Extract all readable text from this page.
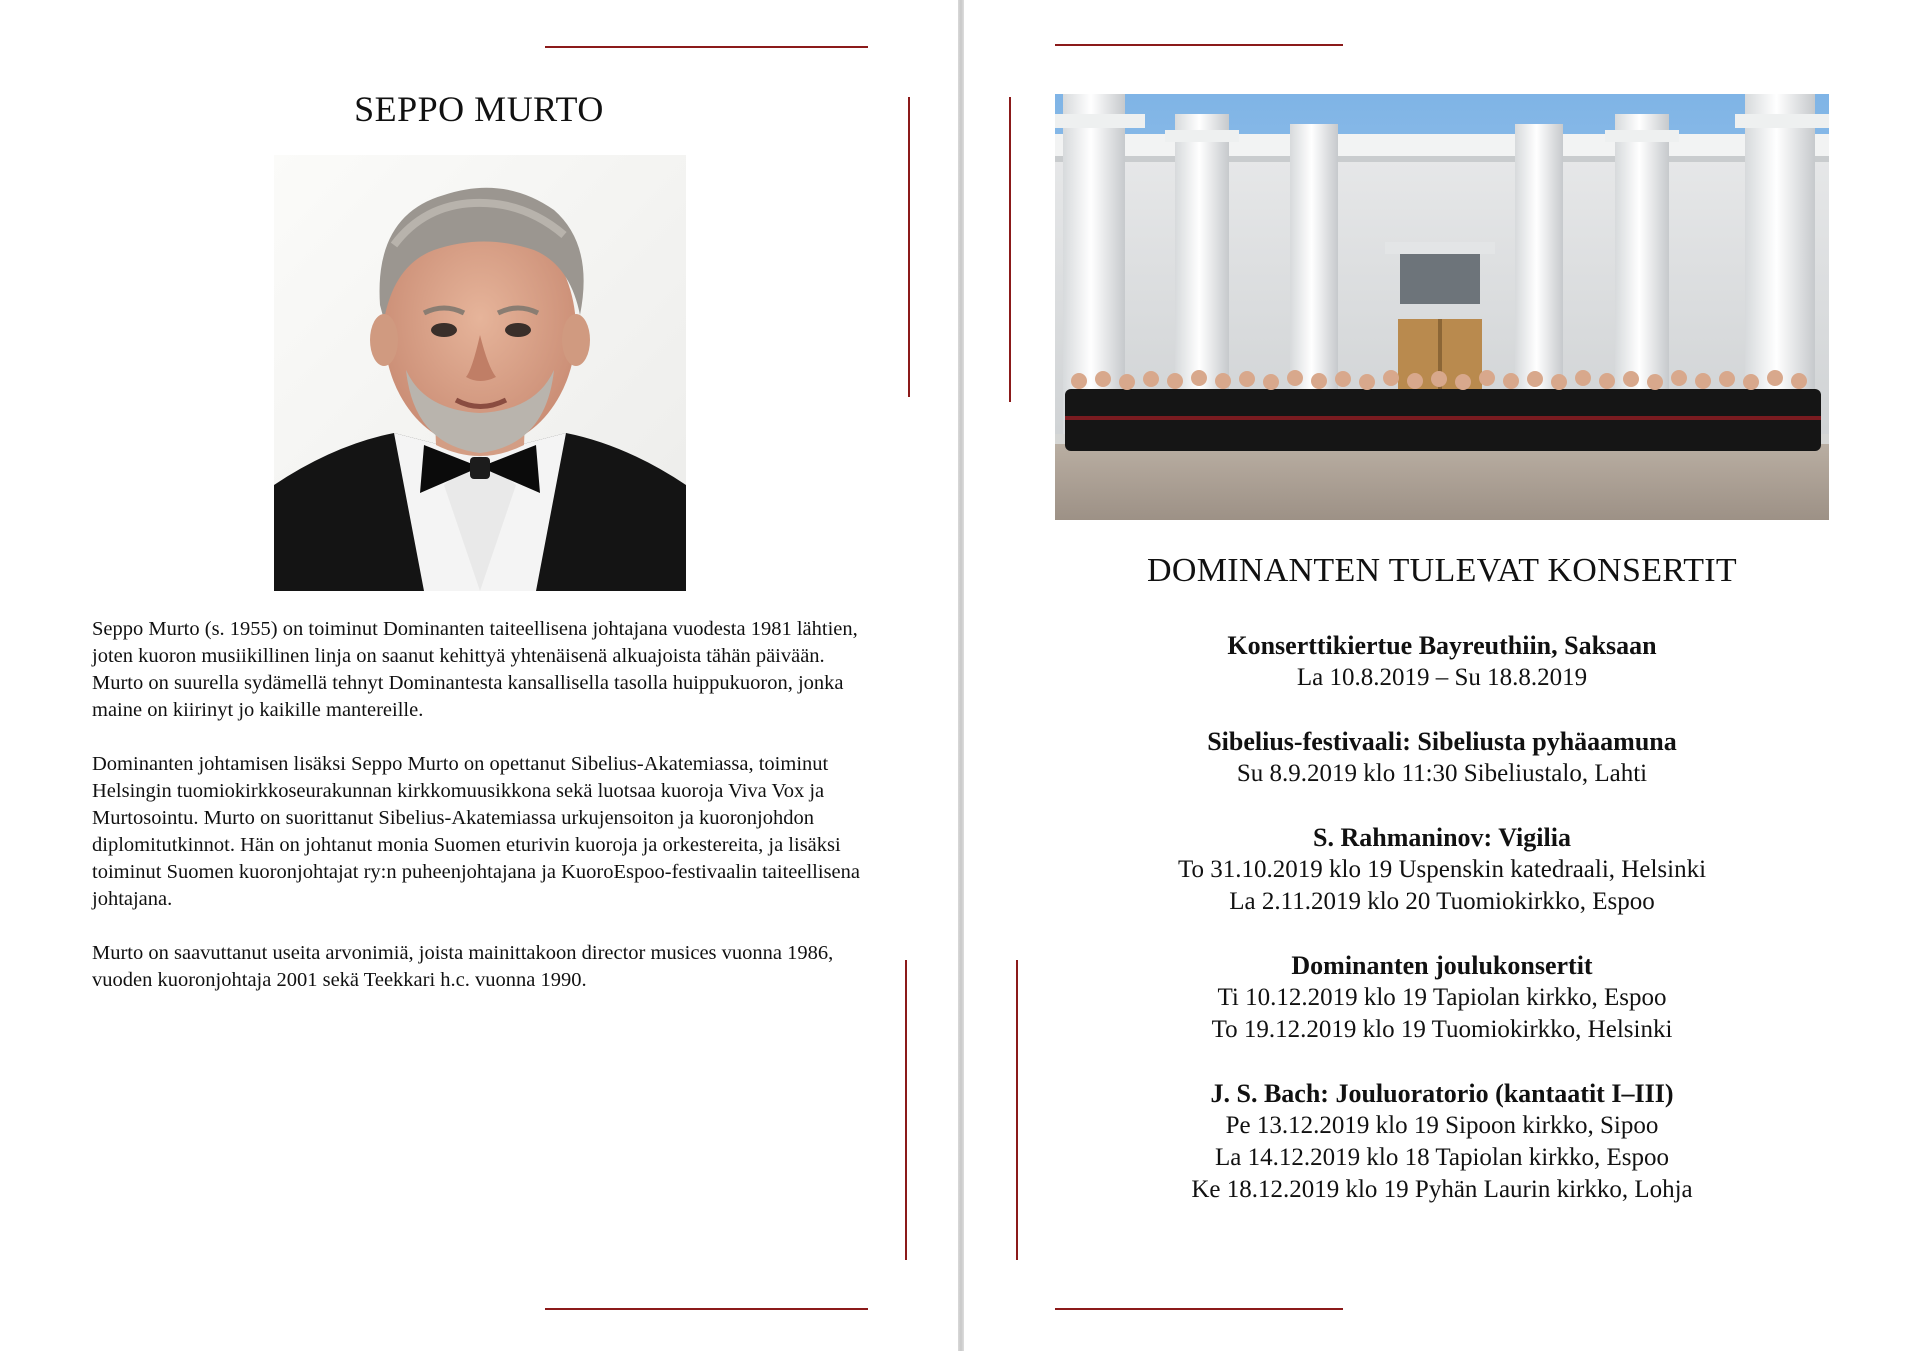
SEPPO MURTO

Seppo Murto (s. 1955) on toiminut Dominanten taiteellisena johtajana vuodesta 1981 lähtien, joten kuoron musiikillinen linja on saanut kehittyä yhtenäisenä alkuajoista tähän päivään. Murto on suurella sydämellä tehnyt Dominantesta kansallisella tasolla huippukuoron, jonka maine on kiirinyt jo kaikille mantereille.

Dominanten johtamisen lisäksi Seppo Murto on opettanut Sibelius-Akatemiassa, toiminut Helsingin tuomiokirkkoseurakunnan kirkkomuusikkona sekä luotsaa kuoroja Viva Vox ja Murtosointu. Murto on suorittanut Sibelius-Akatemiassa urkujensoiton ja kuoronjohdon diplomitutkinnot. Hän on johtanut monia Suomen eturivin kuoroja ja orkestereita, ja lisäksi toiminut Suomen kuoronjohtajat ry:n puheenjohtajana ja KuoroEspoo-festivaalin taiteellisena johtajana.

Murto on saavuttanut useita arvonimiä, joista mainittakoon director musices vuonna 1986, vuoden kuoronjohtaja 2001 sekä Teekkari h.c. vuonna 1990.

DOMINANTEN TULEVAT KONSERTIT
Konserttikiertue Bayreuthiin, Saksaan
La 10.8.2019 – Su 18.8.2019
Sibelius-festivaali: Sibeliusta pyhäaamuna
Su 8.9.2019 klo 11:30 Sibeliustalo, Lahti
S. Rahmaninov: Vigilia
To 31.10.2019 klo 19 Uspenskin katedraali, Helsinki
La 2.11.2019 klo 20 Tuomiokirkko, Espoo
Dominanten joulukonsertit
Ti 10.12.2019 klo 19 Tapiolan kirkko, Espoo
To 19.12.2019 klo 19 Tuomiokirkko, Helsinki
J. S. Bach: Jouluoratorio (kantaatit I–III)
Pe 13.12.2019 klo 19 Sipoon kirkko, Sipoo
La 14.12.2019 klo 18 Tapiolan kirkko, Espoo
Ke 18.12.2019 klo 19 Pyhän Laurin kirkko, Lohja
